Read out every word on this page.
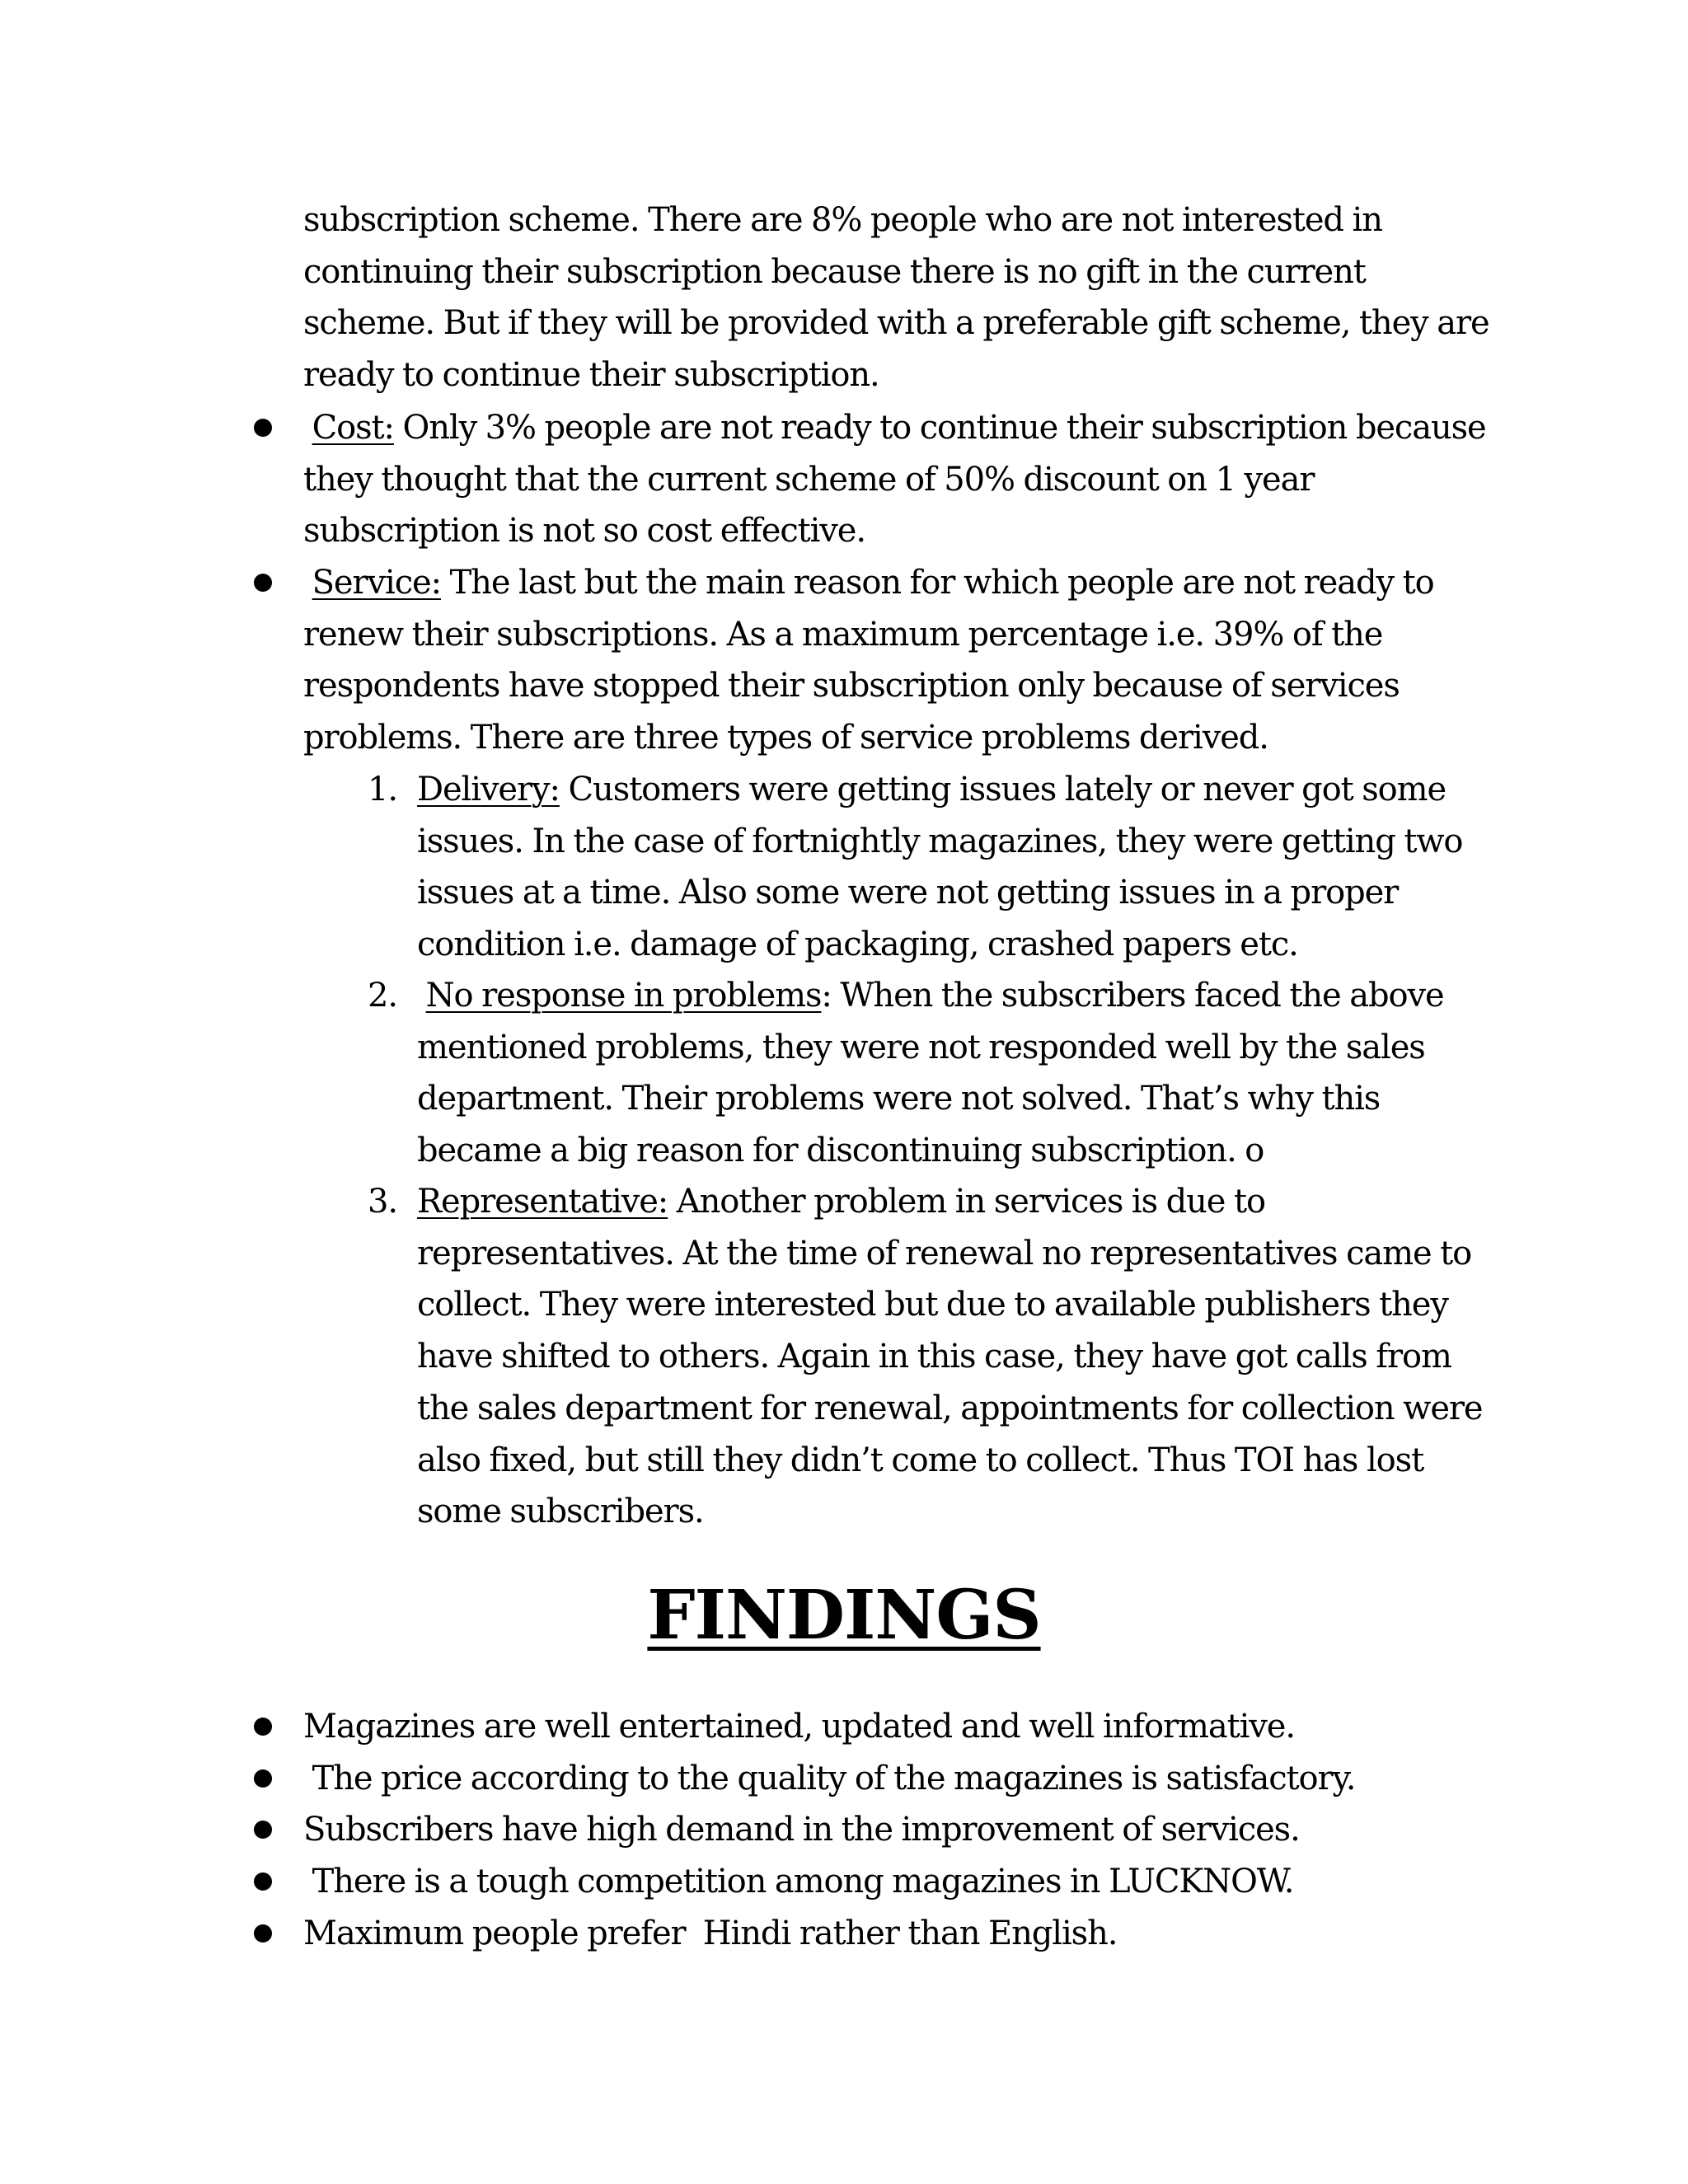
subscription scheme. There are 8% people who are not interested in continuing their subscription because there is no gift in the current scheme. But if they will be provided with a preferable gift scheme, they are ready to continue their subscription.
Cost: Only 3% people are not ready to continue their subscription because they thought that the current scheme of 50% discount on 1 year subscription is not so cost effective.
Service: The last but the main reason for which people are not ready to renew their subscriptions. As a maximum percentage i.e. 39% of the respondents have stopped their subscription only because of services problems. There are three types of service problems derived.
1. Delivery: Customers were getting issues lately or never got some issues. In the case of fortnightly magazines, they were getting two issues at a time. Also some were not getting issues in a proper condition i.e. damage of packaging, crashed papers etc.
2. No response in problems: When the subscribers faced the above mentioned problems, they were not responded well by the sales department. Their problems were not solved. That’s why this became a big reason for discontinuing subscription. o
3. Representative: Another problem in services is due to representatives. At the time of renewal no representatives came to collect. They were interested but due to available publishers they have shifted to others. Again in this case, they have got calls from the sales department for renewal, appointments for collection were also fixed, but still they didn’t come to collect. Thus TOI has lost some subscribers.
FINDINGS
Magazines are well entertained, updated and well informative.
The price according to the quality of the magazines is satisfactory.
Subscribers have high demand in the improvement of services.
There is a tough competition among magazines in LUCKNOW.
Maximum people prefer  Hindi rather than English.
